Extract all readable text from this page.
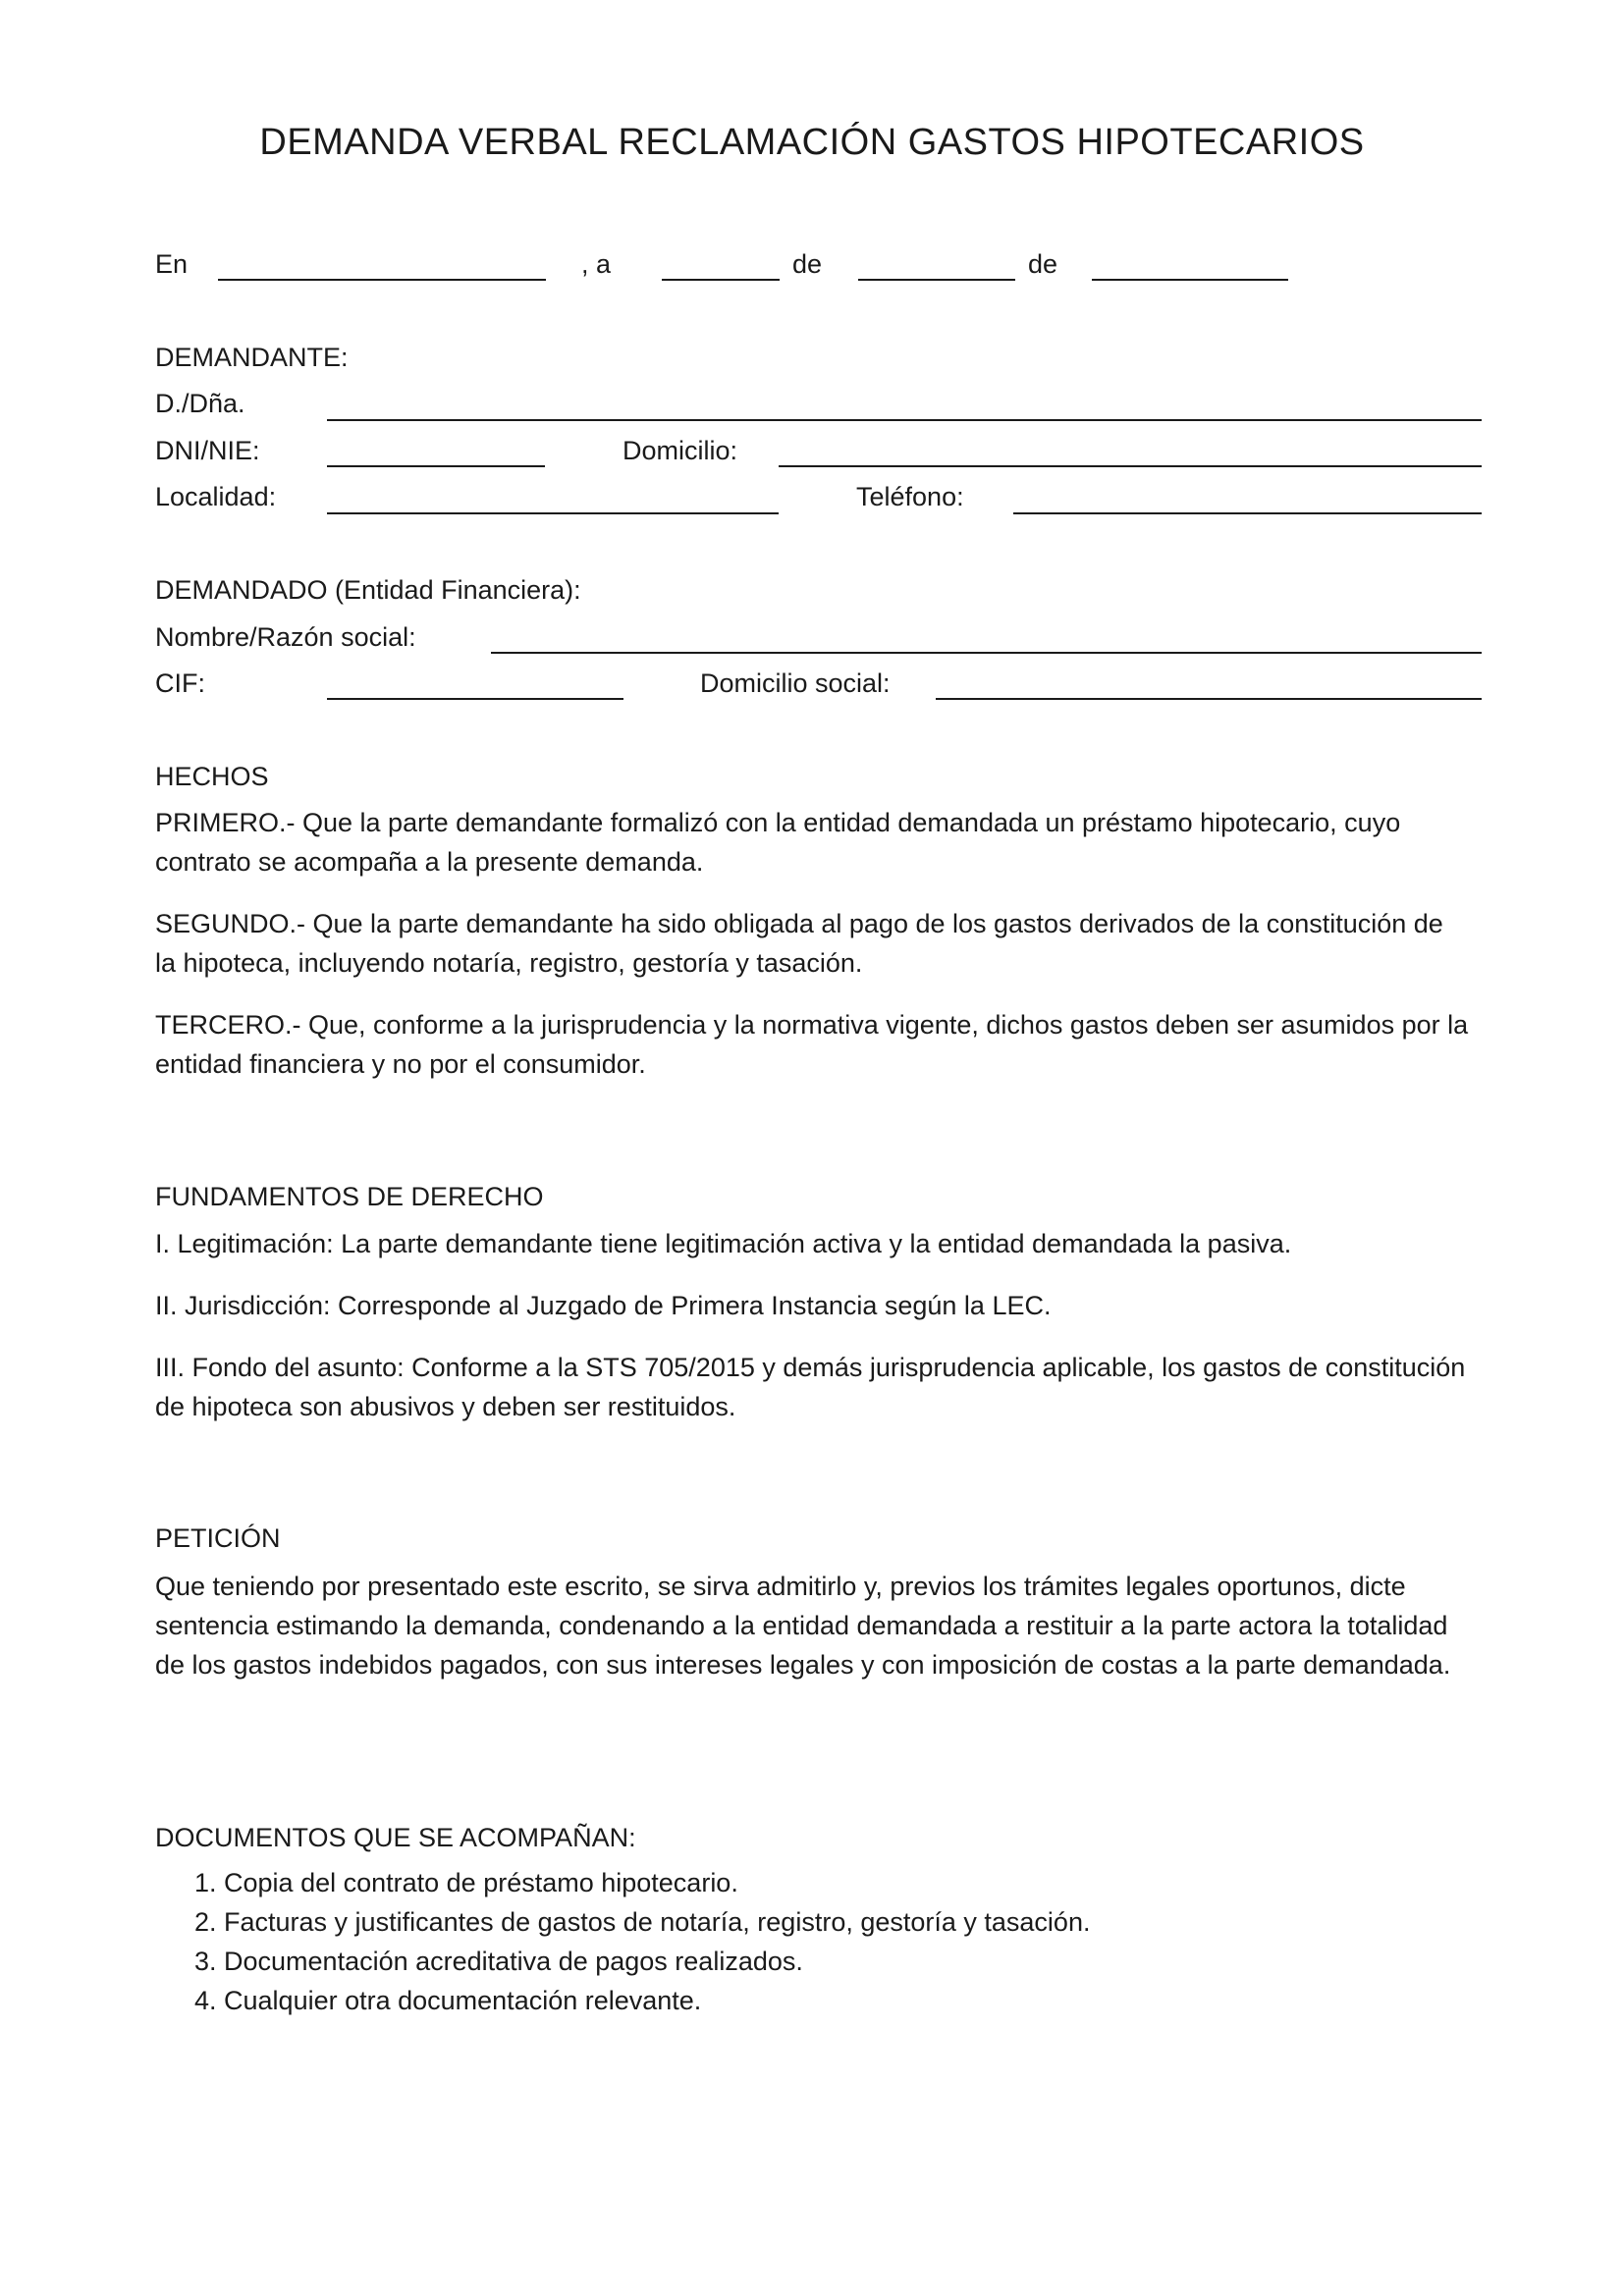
DEMANDA VERBAL RECLAMACIÓN GASTOS HIPOTECARIOS
En	, a	de	de
DEMANDANTE:
D./Dña.
DNI/NIE:	Domicilio:
Localidad:	Teléfono:
DEMANDADO (Entidad Financiera):
Nombre/Razón social:
CIF:	Domicilio social:
HECHOS
PRIMERO.- Que la parte demandante formalizó con la entidad demandada un préstamo hipotecario, cuyo contrato se acompaña a la presente demanda.
SEGUNDO.- Que la parte demandante ha sido obligada al pago de los gastos derivados de la constitución de la hipoteca, incluyendo notaría, registro, gestoría y tasación.
TERCERO.- Que, conforme a la jurisprudencia y la normativa vigente, dichos gastos deben ser asumidos por la entidad financiera y no por el consumidor.
FUNDAMENTOS DE DERECHO
I. Legitimación: La parte demandante tiene legitimación activa y la entidad demandada la pasiva.
II. Jurisdicción: Corresponde al Juzgado de Primera Instancia según la LEC.
III. Fondo del asunto: Conforme a la STS 705/2015 y demás jurisprudencia aplicable, los gastos de constitución de hipoteca son abusivos y deben ser restituidos.
PETICIÓN
Que teniendo por presentado este escrito, se sirva admitirlo y, previos los trámites legales oportunos, dicte sentencia estimando la demanda, condenando a la entidad demandada a restituir a la parte actora la totalidad de los gastos indebidos pagados, con sus intereses legales y con imposición de costas a la parte demandada.
DOCUMENTOS QUE SE ACOMPAÑAN:
1. Copia del contrato de préstamo hipotecario.
2. Facturas y justificantes de gastos de notaría, registro, gestoría y tasación.
3. Documentación acreditativa de pagos realizados.
4. Cualquier otra documentación relevante.
